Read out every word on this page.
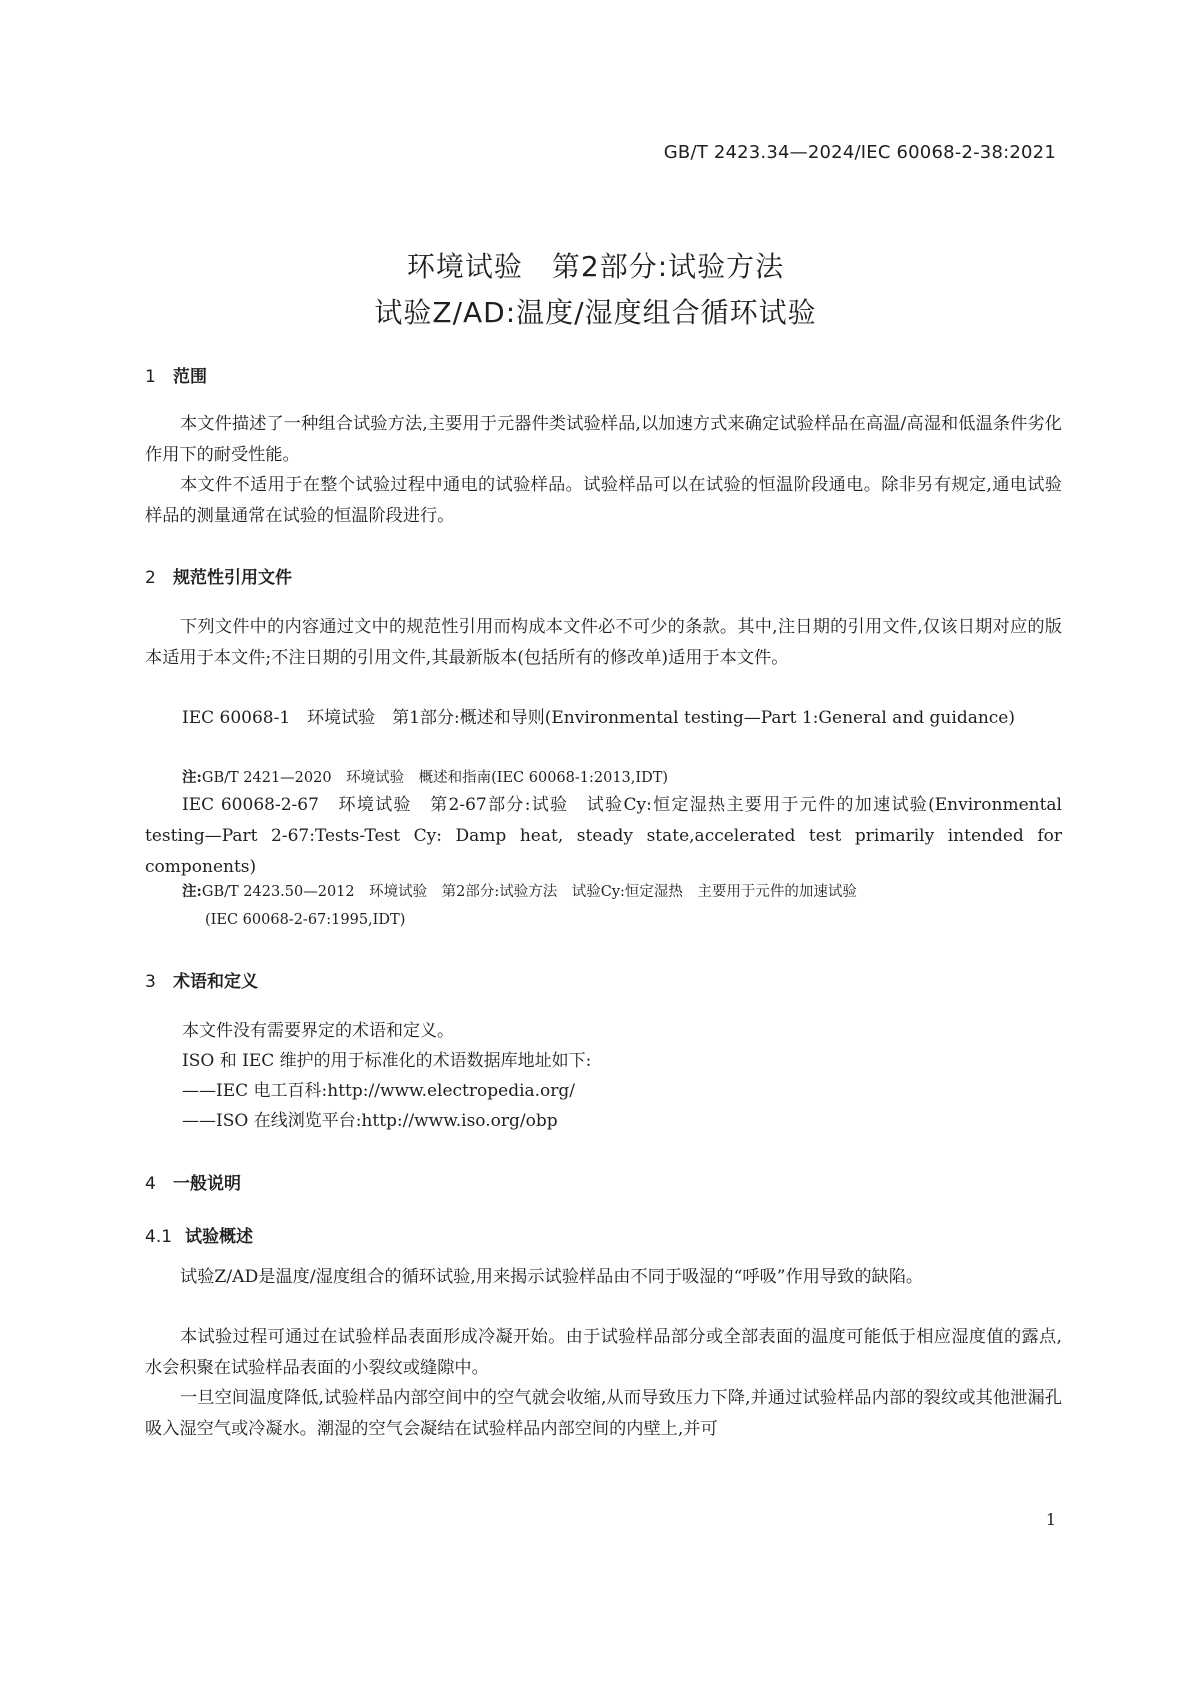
GB/T 2423.34—2024/IEC 60068-2-38:2021
环境试验　第2部分:试验方法
试验Z/AD:温度/湿度组合循环试验
1 范围
本文件描述了一种组合试验方法,主要用于元器件类试验样品,以加速方式来确定试验样品在高温/高湿和低温条件劣化作用下的耐受性能。
本文件不适用于在整个试验过程中通电的试验样品。试验样品可以在试验的恒温阶段通电。除非另有规定,通电试验样品的测量通常在试验的恒温阶段进行。
2 规范性引用文件
下列文件中的内容通过文中的规范性引用而构成本文件必不可少的条款。其中,注日期的引用文件,仅该日期对应的版本适用于本文件;不注日期的引用文件,其最新版本(包括所有的修改单)适用于本文件。
IEC 60068-1　环境试验　第1部分:概述和导则(Environmental testing—Part 1:General and guidance)
注:GB/T 2421—2020　环境试验　概述和指南(IEC 60068-1:2013,IDT)
IEC 60068-2-67　环境试验　第2-67部分:试验　试验Cy:恒定湿热主要用于元件的加速试验(Environmental testing—Part 2-67:Tests-Test Cy: Damp heat, steady state,accelerated test primarily intended for components)
注:GB/T 2423.50—2012　环境试验　第2部分:试验方法　试验Cy:恒定湿热　主要用于元件的加速试验
(IEC 60068-2-67:1995,IDT)
3 术语和定义
本文件没有需要界定的术语和定义。
ISO 和 IEC 维护的用于标准化的术语数据库地址如下:
——IEC 电工百科:http://www.electropedia.org/
——ISO 在线浏览平台:http://www.iso.org/obp
4 一般说明
4.1 试验概述
试验Z/AD是温度/湿度组合的循环试验,用来揭示试验样品由不同于吸湿的“呼吸”作用导致的缺陷。
本试验过程可通过在试验样品表面形成冷凝开始。由于试验样品部分或全部表面的温度可能低于相应湿度值的露点,水会积聚在试验样品表面的小裂纹或缝隙中。
一旦空间温度降低,试验样品内部空间中的空气就会收缩,从而导致压力下降,并通过试验样品内部的裂纹或其他泄漏孔吸入湿空气或冷凝水。潮湿的空气会凝结在试验样品内部空间的内壁上,并可
1
